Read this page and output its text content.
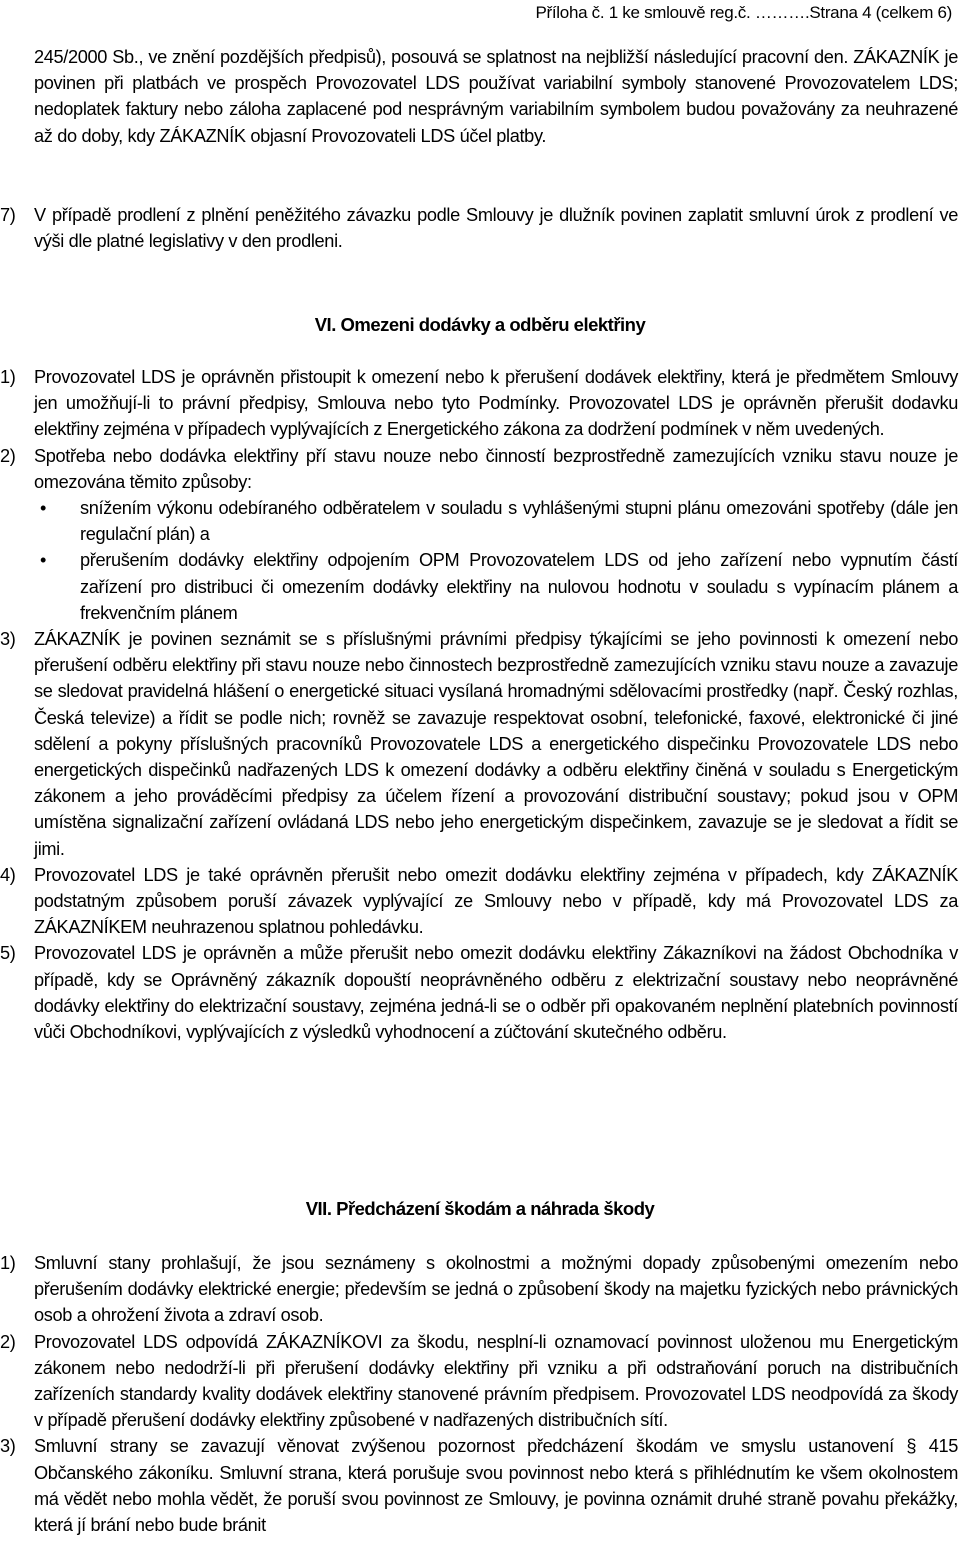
Příloha č. 1 ke smlouvě reg.č. ……….Strana 4 (celkem 6)
245/2000 Sb., ve znění pozdějších předpisů), posouvá se splatnost na nejbližší následující pracovní den. ZÁKAZNÍK je povinen při platbách ve prospěch Provozovatel LDS používat variabilní symboly stanovené Provozovatelem LDS; nedoplatek faktury nebo záloha zaplacené pod nesprávným variabilním symbolem budou považovány za neuhrazené až do doby, kdy ZÁKAZNÍK objasní Provozovateli LDS účel platby.
7)	V případě prodlení z plnění peněžitého závazku podle Smlouvy je dlužník povinen zaplatit smluvní úrok z prodlení ve výši dle platné legislativy v den prodleni.
VI. Omezeni dodávky a odběru elektřiny
1)	Provozovatel LDS je oprávněn přistoupit k omezení nebo k přerušení dodávek elektřiny, která je předmětem Smlouvy jen umožňují-li to právní předpisy, Smlouva nebo tyto Podmínky. Provozovatel LDS je oprávněn přerušit dodavku elektřiny zejména v případech vyplývajících z Energetického zákona za dodržení podmínek v něm uvedených.
2)	Spotřeba nebo dodávka elektřiny pří stavu nouze nebo činností bezprostředně zamezujících vzniku stavu nouze je omezována těmito způsoby:
•	snížením výkonu odebíraného odběratelem v souladu s vyhlášenými stupni plánu omezováni spotřeby (dále jen regulační plán) a
•	přerušením dodávky elektřiny odpojením OPM Provozovatelem LDS od jeho zařízení nebo vypnutím částí zařízení pro distribuci či omezením dodávky elektřiny na nulovou hodnotu v souladu s vypínacím plánem a frekvenčním plánem
3)	ZÁKAZNÍK je povinen seznámit se s příslušnými právními předpisy týkajícími se jeho povinnosti k omezení nebo přerušení odběru elektřiny při stavu nouze nebo činnostech bezprostředně zamezujících vzniku stavu nouze a zavazuje se sledovat pravidelná hlášení o energetické situaci vysílaná hromadnými sdělovacími prostředky (např. Český rozhlas, Česká televize) a řídit se podle nich; rovněž se zavazuje respektovat osobní, telefonické, faxové, elektronické či jiné sdělení a pokyny příslušných pracovníků Provozovatele LDS a energetického dispečinku Provozovatele LDS nebo energetických dispečinků nadřazených LDS k omezení dodávky a odběru elektřiny činěná v souladu s Energetickým zákonem a jeho prováděcími předpisy za účelem řízení a provozování distribuční soustavy; pokud jsou v OPM umístěna signalizační zařízení ovládaná LDS nebo jeho energetickým dispečinkem, zavazuje se je sledovat a řídit se jimi.
4)	Provozovatel LDS je také oprávněn přerušit nebo omezit dodávku elektřiny zejména v případech, kdy ZÁKAZNÍK podstatným způsobem poruší závazek vyplývající ze Smlouvy nebo v případě, kdy má Provozovatel LDS za ZÁKAZNÍKEM neuhrazenou splatnou pohledávku.
5)	Provozovatel LDS je oprávněn a může přerušit nebo omezit dodávku elektřiny Zákazníkovi na žádost Obchodníka v případě, kdy se Oprávněný zákazník dopouští neoprávněného odběru z elektrizační soustavy nebo neoprávněné dodávky elektřiny do elektrizační soustavy, zejména jedná-li se o odběr při opakovaném neplnění platebních povinností vůči Obchodníkovi, vyplývajících z výsledků vyhodnocení a zúčtování skutečného odběru.
VII. Předcházení škodám a náhrada škody
1)	Smluvní stany prohlašují, že jsou seznámeny s okolnostmi a možnými dopady způsobenými omezením nebo přerušením dodávky elektrické energie; především se jedná o způsobení škody na majetku fyzických nebo právnických osob a ohrožení života a zdraví osob.
2)	Provozovatel LDS odpovídá ZÁKAZNÍKOVI za škodu, nesplní-li oznamovací povinnost uloženou mu Energetickým zákonem nebo nedodrží-li při přerušení dodávky elektřiny při vzniku a při odstraňování poruch na distribučních zařízeních standardy kvality dodávek elektřiny stanovené právním předpisem. Provozovatel LDS neodpovídá za škody v případě přerušení dodávky elektřiny způsobené v nadřazených distribučních sítí.
3)	Smluvní strany se zavazují věnovat zvýšenou pozornost předcházení škodám ve smyslu ustanovení § 415 Občanského zákoníku. Smluvní strana, která porušuje svou povinnost nebo která s přihlédnutím ke všem okolnostem má vědět nebo mohla vědět, že poruší svou povinnost ze Smlouvy, je povinna oznámit druhé straně povahu překážky, která jí brání nebo bude bránit
